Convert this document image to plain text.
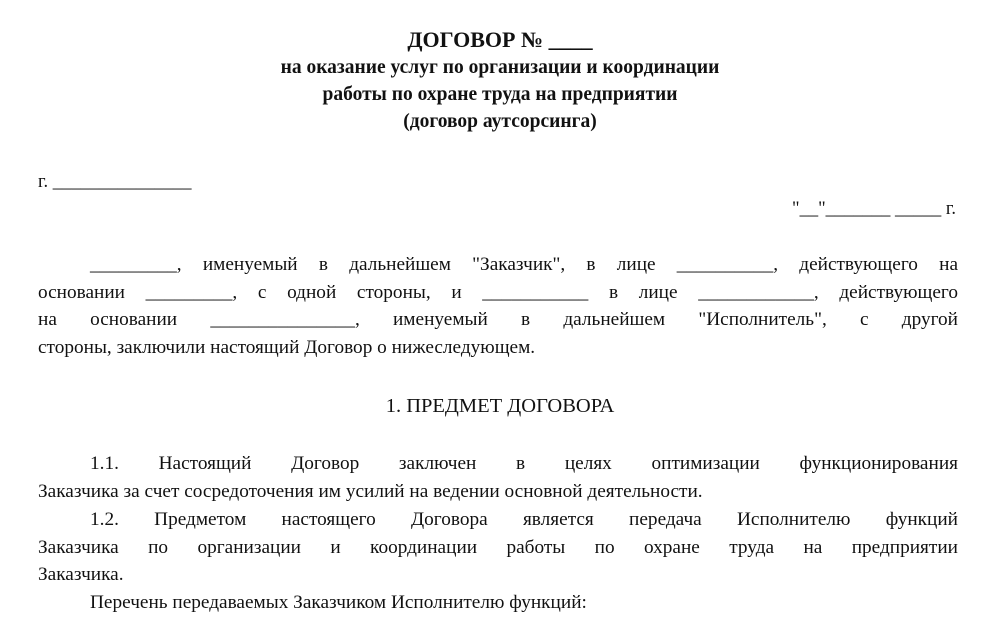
ДОГОВОР № ____
на оказание услуг по организации и координации
работы по охране труда на предприятии
(договор аутсорсинга)
г. _______________
"__"_______ _____ г.

_________, именуемый в дальнейшем "Заказчик", в лице __________, действующего на
основании _________, с одной стороны, и ___________ в лице ____________, действующего
на основании _______________, именуемый в дальнейшем "Исполнитель", с другой
стороны, заключили настоящий Договор о нижеследующем.

1. ПРЕДМЕТ ДОГОВОРА

1.1. Настоящий Договор заключен в целях оптимизации функционирования
Заказчика за счет сосредоточения им усилий на ведении основной деятельности.

1.2. Предметом настоящего Договора является передача Исполнителю функций
Заказчика по организации и координации работы по охране труда на предприятии
Заказчика.

Перечень передаваемых Заказчиком Исполнителю функций:
